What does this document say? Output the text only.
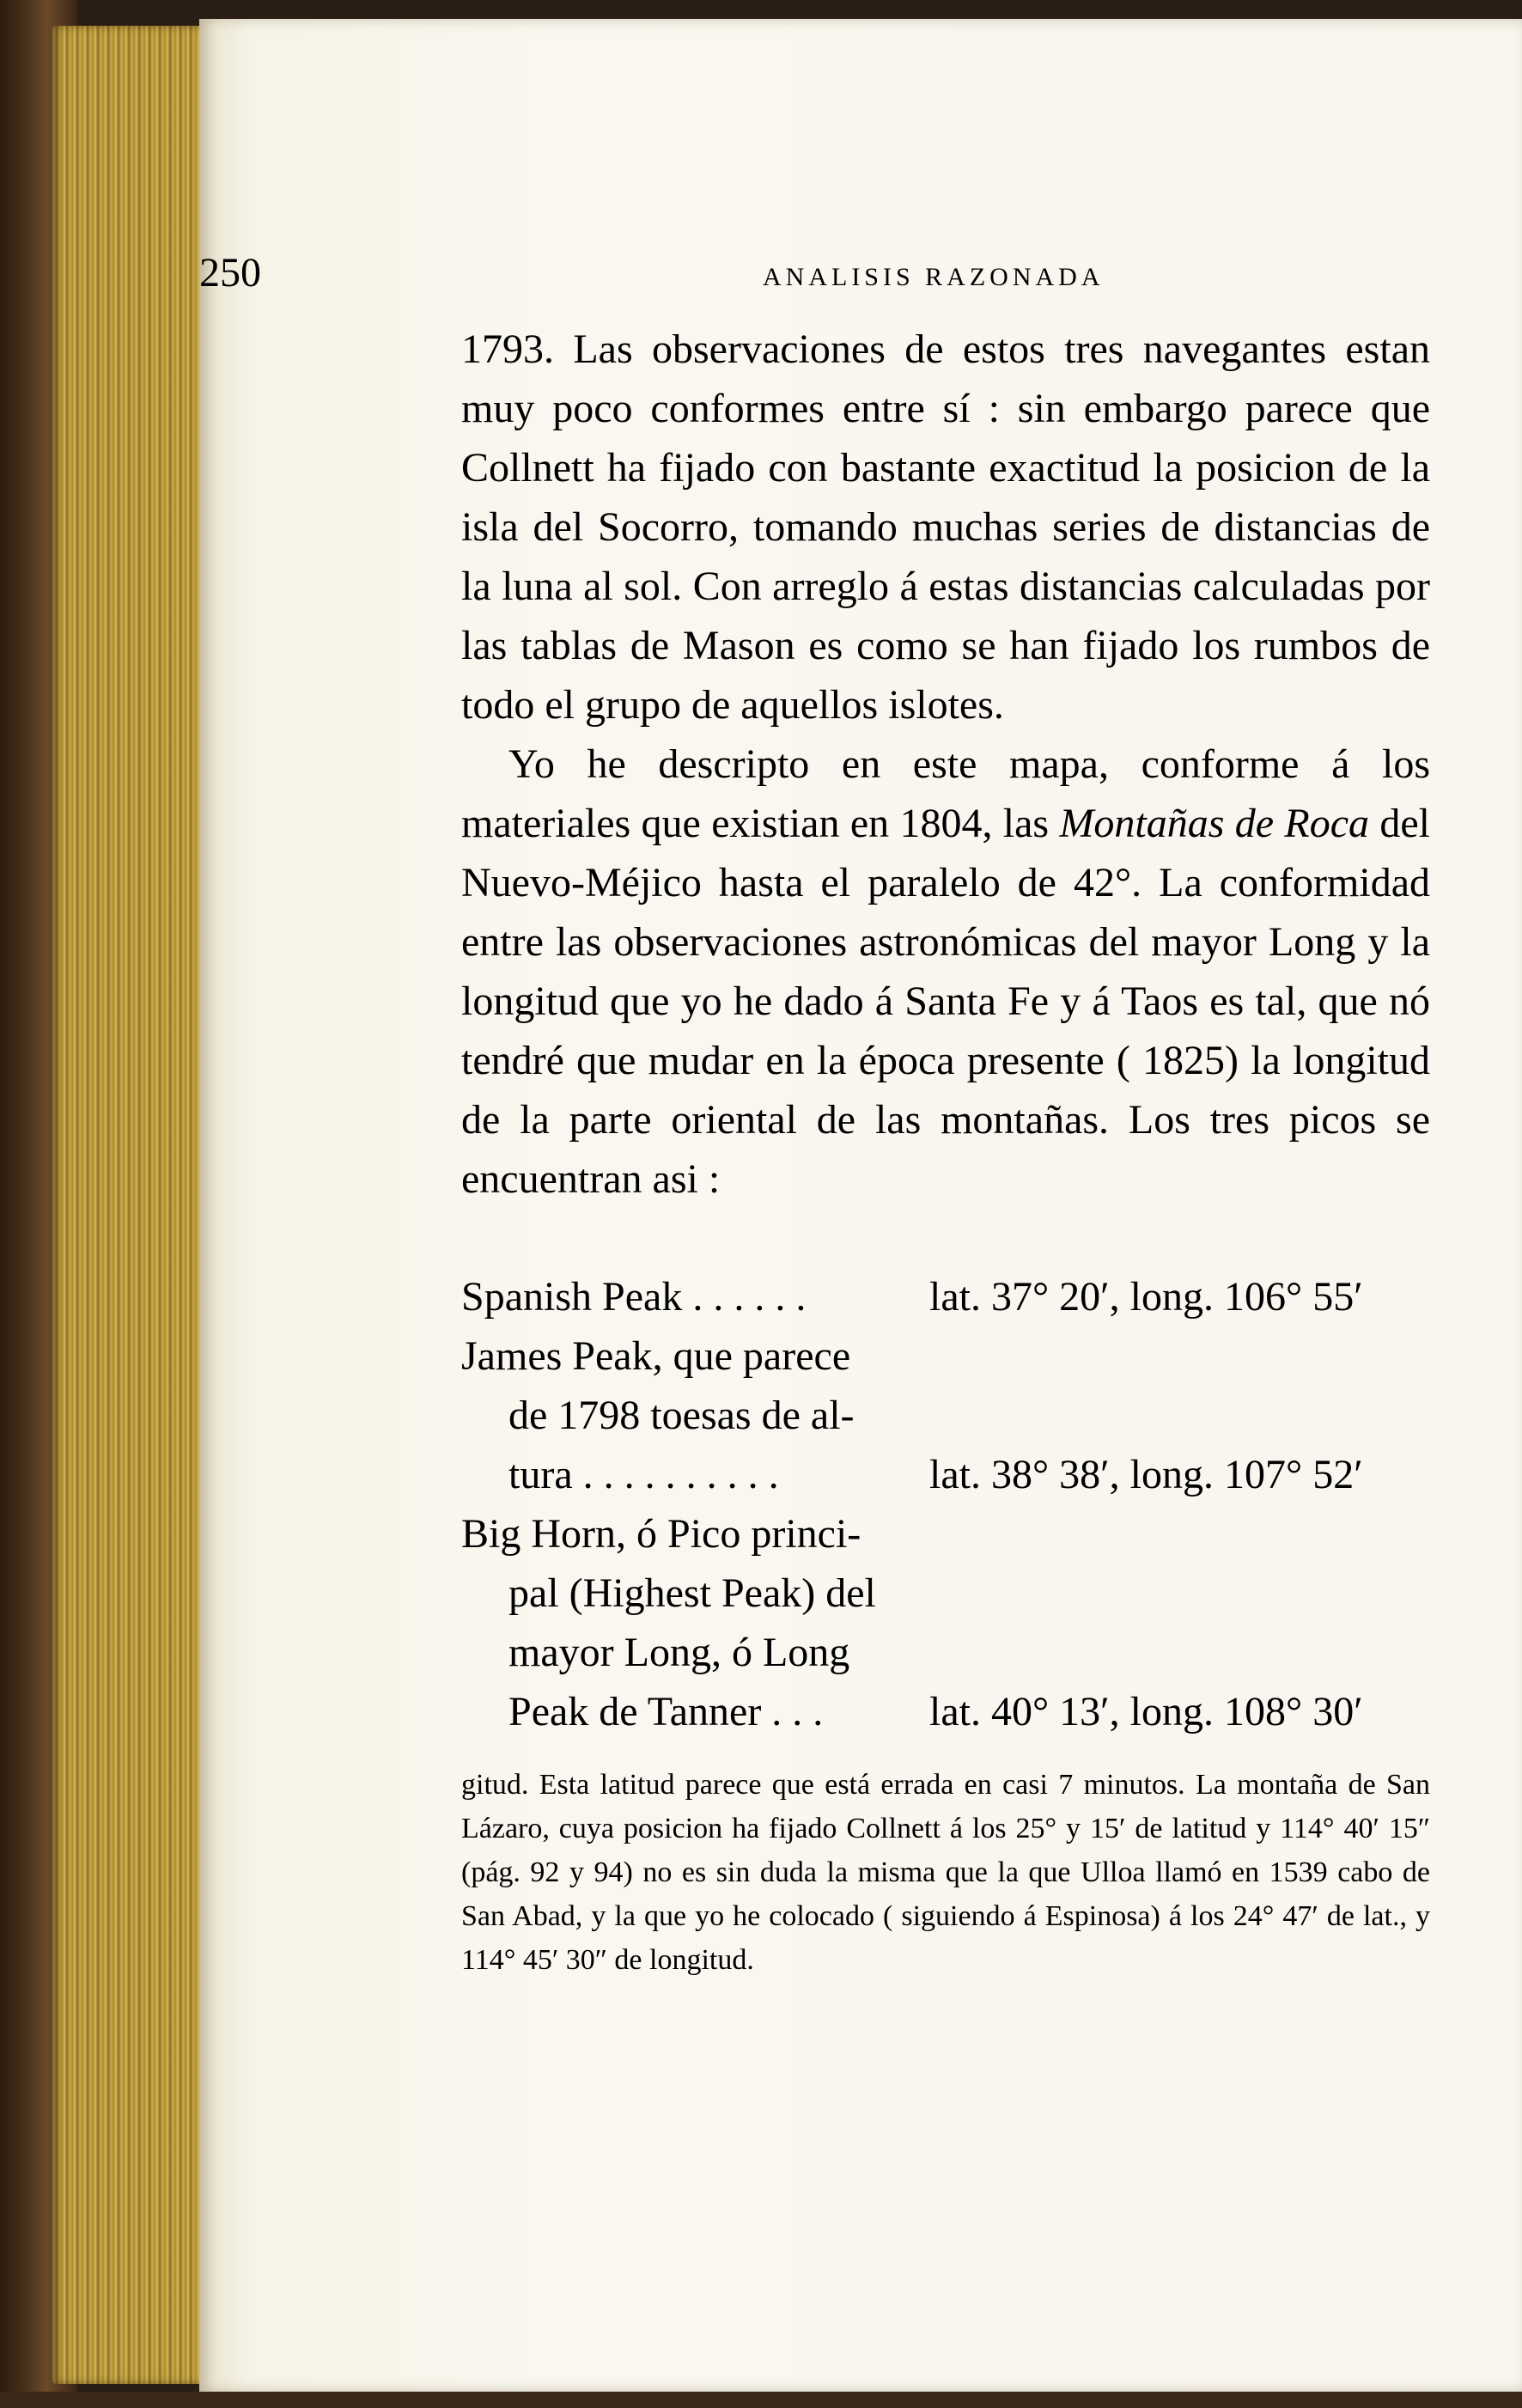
250	ANALISIS RAZONADA

1793. Las observaciones de estos tres navegantes estan muy poco conformes entre sí : sin embargo parece que Collnett ha fijado con bastante exactitud la posicion de la isla del Socorro, tomando muchas series de distancias de la luna al sol. Con arreglo á estas distancias calculadas por las tablas de Mason es como se han fijado los rumbos de todo el grupo de aquellos islotes.

Yo he descripto en este mapa, conforme á los materiales que existian en 1804, las Montañas de Roca del Nuevo-Méjico hasta el paralelo de 42°. La conformidad entre las observaciones astronómicas del mayor Long y la longitud que yo he dado á Santa Fe y á Taos es tal, que nó tendré que mudar en la época presente ( 1825) la longitud de la parte oriental de las montañas. Los tres picos se encuentran asi :

Spanish Peak . . . . . .	lat. 37° 20′, long. 106° 55′
James Peak, que parece
de 1798 toesas de al-
tura . . . . . . . . . .	lat. 38° 38′, long. 107° 52′
Big Horn, ó Pico princi-
pal (Highest Peak) del
mayor Long, ó Long
Peak de Tanner . . .	lat. 40° 13′, long. 108° 30′
gitud. Esta latitud parece que está errada en casi 7 minutos. La montaña de San Lázaro, cuya posicion ha fijado Collnett á los 25° y 15′ de latitud y 114° 40′ 15″ (pág. 92 y 94) no es sin duda la misma que la que Ulloa llamó en 1539 cabo de San Abad, y la que yo he colocado ( siguiendo á Espinosa) á los 24° 47′ de lat., y 114° 45′ 30″ de longitud.
